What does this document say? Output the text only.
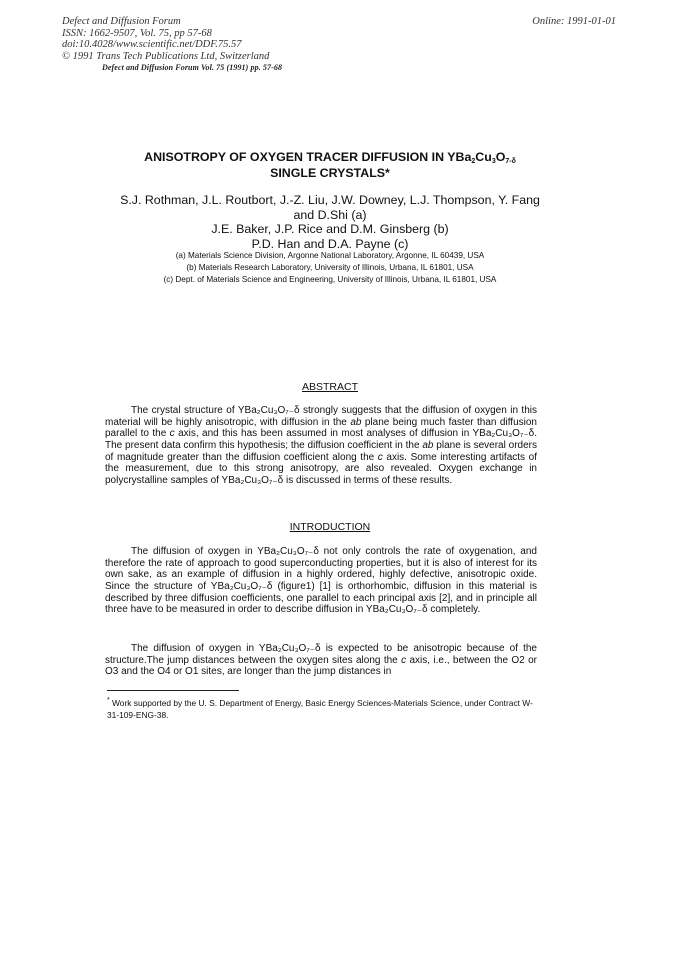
Defect and Diffusion Forum
ISSN: 1662-9507, Vol. 75, pp 57-68
doi:10.4028/www.scientific.net/DDF.75.57
© 1991 Trans Tech Publications Ltd, Switzerland
Online: 1991-01-01
Defect and Diffusion Forum Vol. 75 (1991) pp. 57-68
ANISOTROPY OF OXYGEN TRACER DIFFUSION IN $YBa_2Cu_3O_{7-\delta}$
SINGLE CRYSTALS*
S.J. Rothman, J.L. Routbort, J.-Z. Liu, J.W. Downey, L.J. Thompson, Y. Fang
and D.Shi (a)
J.E. Baker, J.P. Rice and D.M. Ginsberg (b)
P.D. Han and D.A. Payne (c)
(a) Materials Science Division, Argonne National Laboratory, Argonne, IL 60439, USA
(b) Materials Research Laboratory, University of Illinois, Urbana, IL 61801, USA
(c) Dept. of Materials Science and Engineering, University of Illinois, Urbana, IL 61801, USA
ABSTRACT

The crystal structure of YBa₂Cu₃O₇₋δ strongly suggests that the diffusion of oxygen in this material will be highly anisotropic, with diffusion in the ab plane being much faster than diffusion parallel to the c axis, and this has been assumed in most analyses of diffusion in YBa₂Cu₃O₇₋δ. The present data confirm this hypothesis; the diffusion coefficient in the ab plane is several orders of magnitude greater than the diffusion coefficient along the c axis. Some interesting artifacts of the measurement, due to this strong anisotropy, are also revealed. Oxygen exchange in polycrystalline samples of YBa₂Cu₃O₇₋δ is discussed in terms of these results.

INTRODUCTION

The diffusion of oxygen in YBa₂Cu₃O₇₋δ not only controls the rate of oxygenation, and therefore the rate of approach to good superconducting properties, but it is also of interest for its own sake, as an example of diffusion in a highly ordered, highly defective, anisotropic oxide. Since the structure of YBa₂Cu₃O₇₋δ (figure1) [1] is orthorhombic, diffusion in this material is described by three diffusion coefficients, one parallel to each principal axis [2], and in principle all three have to be measured in order to describe diffusion in YBa₂Cu₃O₇₋δ completely.

The diffusion of oxygen in YBa₂Cu₃O₇₋δ is expected to be anisotropic because of the structure.The jump distances between the oxygen sites along the c axis, i.e., between the O2 or O3 and the O4 or O1 sites, are longer than the jump distances in

* Work supported by the U. S. Department of Energy, Basic Energy Sciences-Materials Science, under Contract W-31-109-ENG-38.
